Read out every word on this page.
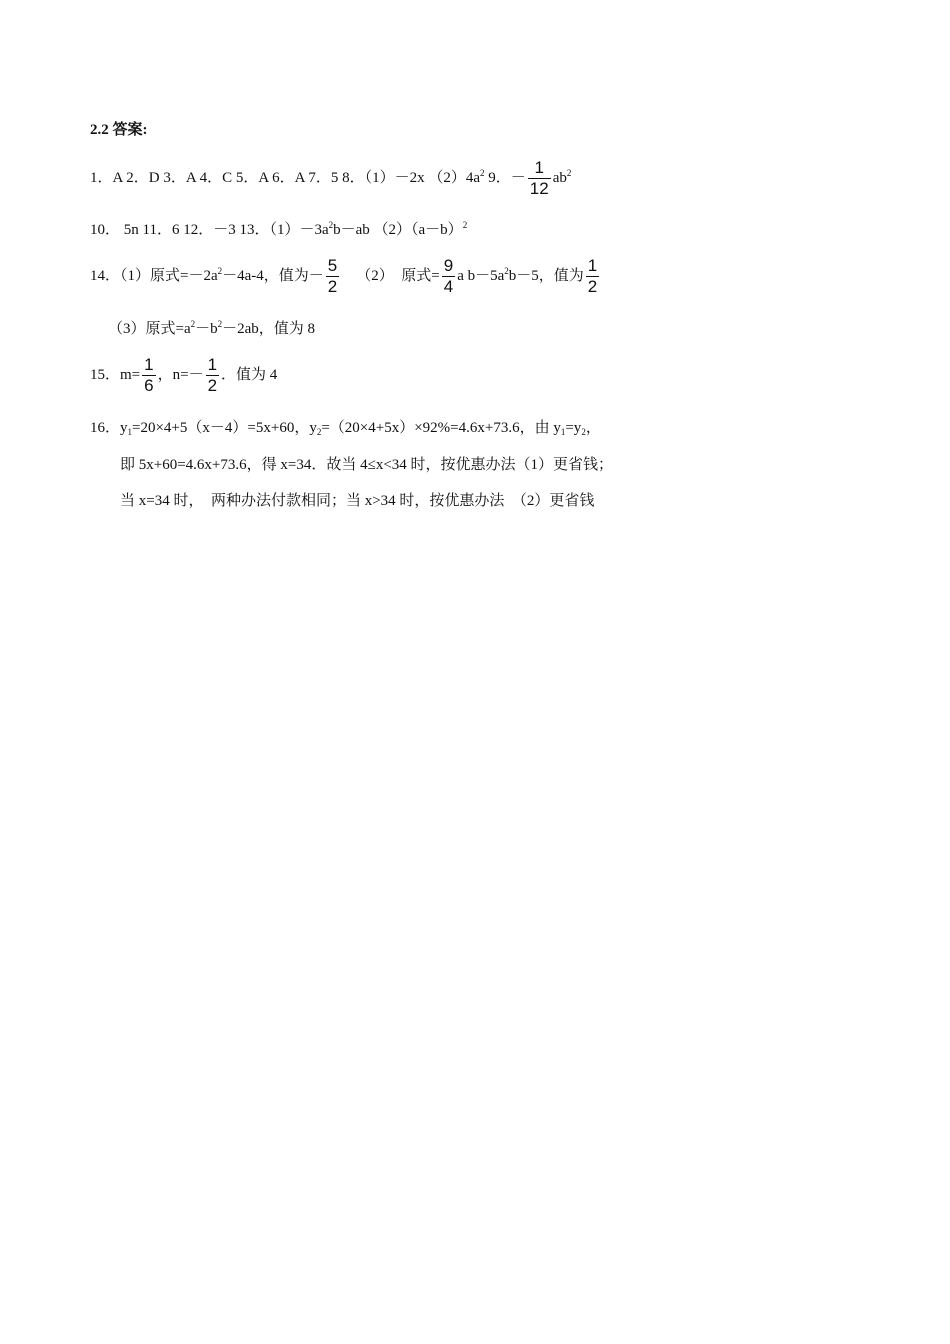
2.2 答案:
1．A 2．D 3．A 4．C 5．A 6．A 7．5 8．（1）－2x $(2)4a^2$ 9．－ $\frac{1}{12} ab^2$
10． 5n 11．6 12．－3 13．$(1)-3a^2b-ab$ $(2)(a-b)^2$
14．（1）原式$=-2a^2-4a-4$，值为－ $\frac{5}{2} (2)$  原式= $\frac{9}{4}$ a $b-5a^2b-5$，值为 $\frac{1}{2}$
（3）原式$=a^2-b^2-2ab$，值为 8
15．$m= \frac{1}{6}$ ，$n=- \frac{1}{2}$ ．值为 4
16．$y_1=20\times 4+5(x-4)=5x+60$，$y_2=(20\times 4+5x)\times 92\%=4.6x+73.6$，由 $y_1=y_2$，
即 5x+60=4.6x+73.6，得 x=34．故当 4≤x<34 时，按优惠办法（1）更省钱；
当 x=34 时，  两种办法付款相同；当 x>34 时，按优惠办法  （2）更省钱
